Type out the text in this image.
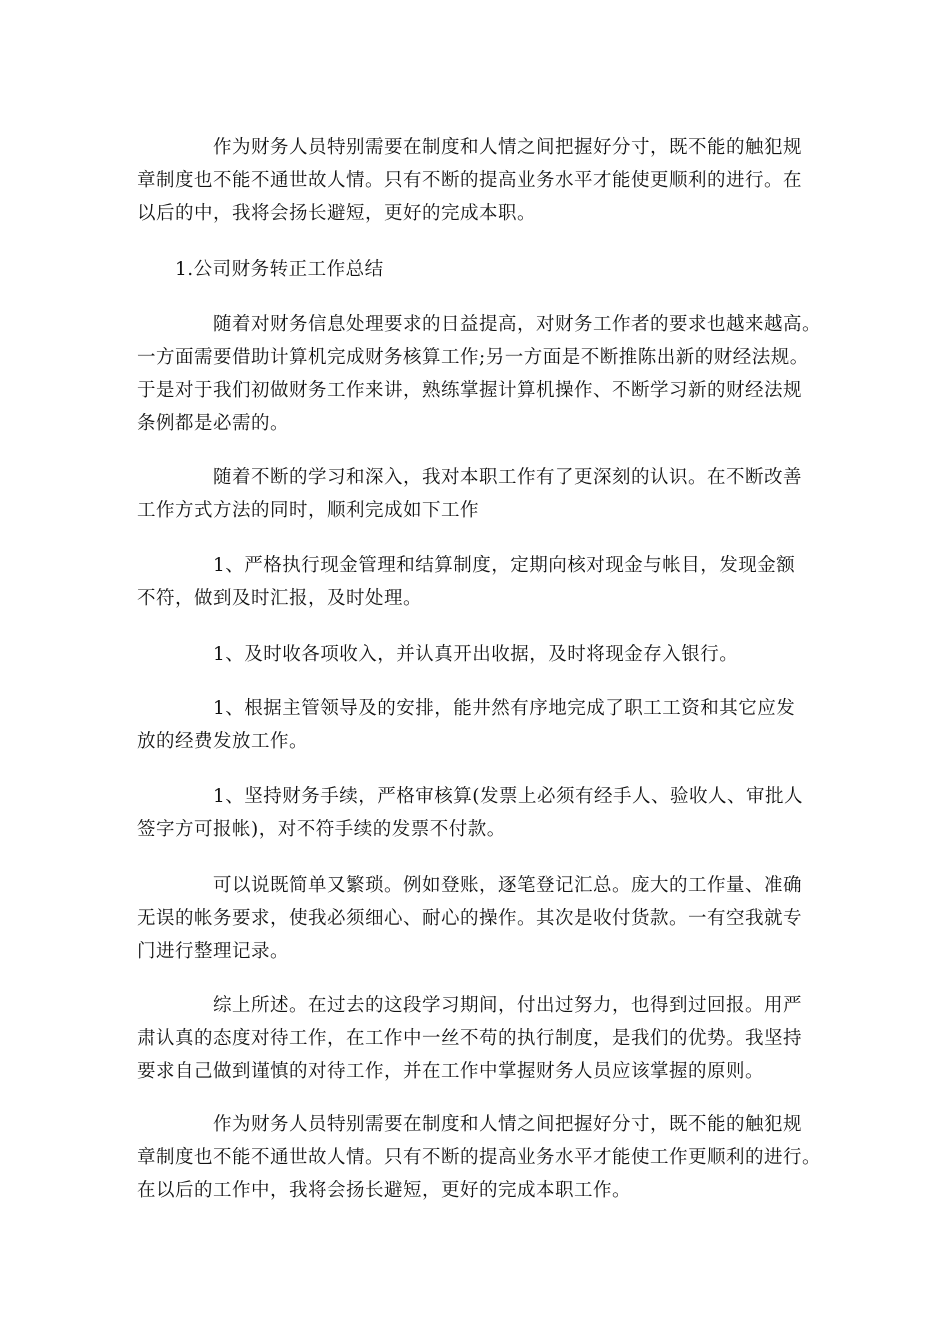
作为财务人员特别需要在制度和人情之间把握好分寸，既不能的触犯规
章制度也不能不通世故人情。只有不断的提高业务水平才能使更顺利的进行。在
以后的中，我将会扬长避短，更好的完成本职。
1.公司财务转正工作总结
随着对财务信息处理要求的日益提高，对财务工作者的要求也越来越高。
一方面需要借助计算机完成财务核算工作;另一方面是不断推陈出新的财经法规。
于是对于我们初做财务工作来讲，熟练掌握计算机操作、不断学习新的财经法规
条例都是必需的。
随着不断的学习和深入，我对本职工作有了更深刻的认识。在不断改善
工作方式方法的同时，顺利完成如下工作
1、严格执行现金管理和结算制度，定期向核对现金与帐目，发现金额
不符，做到及时汇报，及时处理。
1、及时收各项收入，并认真开出收据，及时将现金存入银行。
1、根据主管领导及的安排，能井然有序地完成了职工工资和其它应发
放的经费发放工作。
1、坚持财务手续，严格审核算(发票上必须有经手人、验收人、审批人
签字方可报帐)，对不符手续的发票不付款。
可以说既简单又繁琐。例如登账，逐笔登记汇总。庞大的工作量、准确
无误的帐务要求，使我必须细心、耐心的操作。其次是收付货款。一有空我就专
门进行整理记录。
综上所述。在过去的这段学习期间，付出过努力，也得到过回报。用严
肃认真的态度对待工作，在工作中一丝不苟的执行制度，是我们的优势。我坚持
要求自己做到谨慎的对待工作，并在工作中掌握财务人员应该掌握的原则。
作为财务人员特别需要在制度和人情之间把握好分寸，既不能的触犯规
章制度也不能不通世故人情。只有不断的提高业务水平才能使工作更顺利的进行。
在以后的工作中，我将会扬长避短，更好的完成本职工作。
